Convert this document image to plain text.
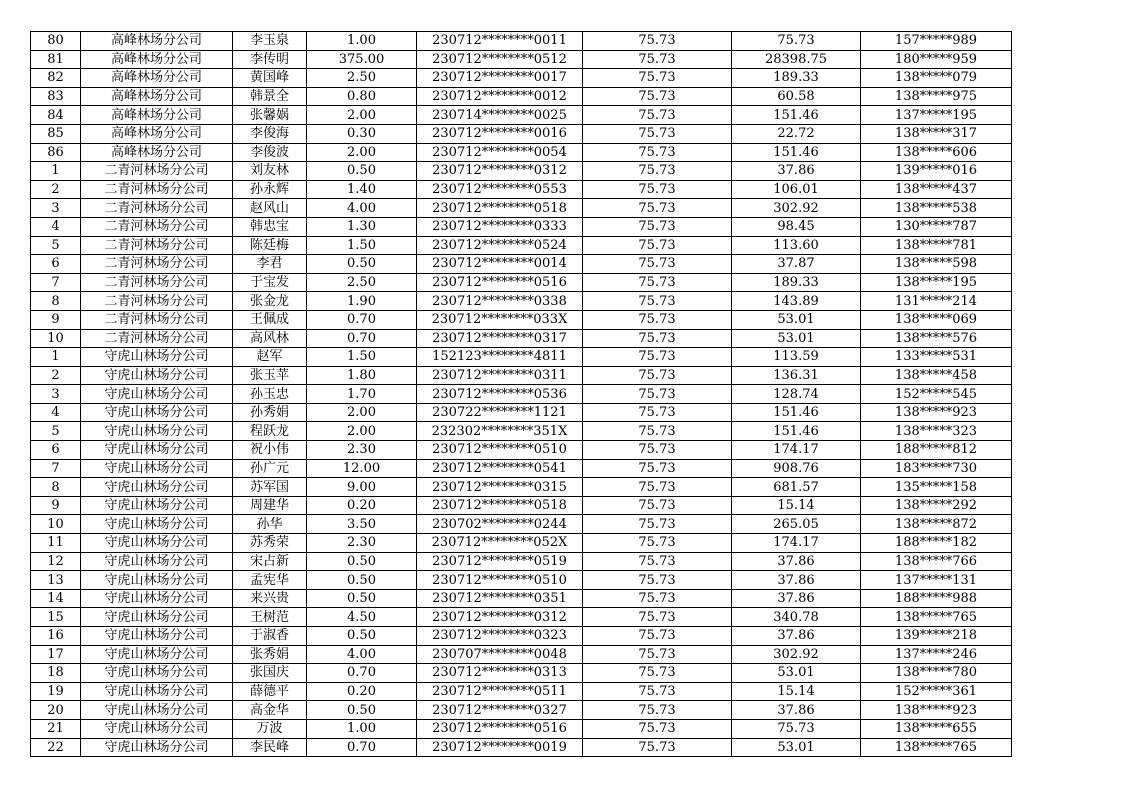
80	高峰林场分公司	李玉泉	1.00	230712********0011	75.73	75.73	157*****989
81	高峰林场分公司	李传明	375.00	230712********0512	75.73	28398.75	180*****959
82	高峰林场分公司	黄国峰	2.50	230712********0017	75.73	189.33	138*****079
83	高峰林场分公司	韩景全	0.80	230712********0012	75.73	60.58	138*****975
84	高峰林场分公司	张馨娲	2.00	230714********0025	75.73	151.46	137*****195
85	高峰林场分公司	李俊海	0.30	230712********0016	75.73	22.72	138*****317
86	高峰林场分公司	李俊波	2.00	230712********0054	75.73	151.46	138*****606
1	二青河林场分公司	刘友林	0.50	230712********0312	75.73	37.86	139*****016
2	二青河林场分公司	孙永辉	1.40	230712********0553	75.73	106.01	138*****437
3	二青河林场分公司	赵风山	4.00	230712********0518	75.73	302.92	138*****538
4	二青河林场分公司	韩忠宝	1.30	230712********0333	75.73	98.45	130*****787
5	二青河林场分公司	陈廷梅	1.50	230712********0524	75.73	113.60	138*****781
6	二青河林场分公司	李君	0.50	230712********0014	75.73	37.87	138*****598
7	二青河林场分公司	于宝发	2.50	230712********0516	75.73	189.33	138*****195
8	二青河林场分公司	张金龙	1.90	230712********0338	75.73	143.89	131*****214
9	二青河林场分公司	王佩成	0.70	230712********033X	75.73	53.01	138*****069
10	二青河林场分公司	高风林	0.70	230712********0317	75.73	53.01	138*****576
1	守虎山林场分公司	赵军	1.50	152123********4811	75.73	113.59	133*****531
2	守虎山林场分公司	张玉苹	1.80	230712********0311	75.73	136.31	138*****458
3	守虎山林场分公司	孙玉忠	1.70	230712********0536	75.73	128.74	152*****545
4	守虎山林场分公司	孙秀娟	2.00	230722********1121	75.73	151.46	138*****923
5	守虎山林场分公司	程跃龙	2.00	232302********351X	75.73	151.46	138*****323
6	守虎山林场分公司	祝小伟	2.30	230712********0510	75.73	174.17	188*****812
7	守虎山林场分公司	孙广元	12.00	230712********0541	75.73	908.76	183*****730
8	守虎山林场分公司	苏军国	9.00	230712********0315	75.73	681.57	135*****158
9	守虎山林场分公司	周建华	0.20	230712********0518	75.73	15.14	138*****292
10	守虎山林场分公司	孙华	3.50	230702********0244	75.73	265.05	138*****872
11	守虎山林场分公司	苏秀荣	2.30	230712********052X	75.73	174.17	188*****182
12	守虎山林场分公司	宋占新	0.50	230712********0519	75.73	37.86	138*****766
13	守虎山林场分公司	孟宪华	0.50	230712********0510	75.73	37.86	137*****131
14	守虎山林场分公司	来兴贵	0.50	230712********0351	75.73	37.86	188*****988
15	守虎山林场分公司	王树范	4.50	230712********0312	75.73	340.78	138*****765
16	守虎山林场分公司	于淑香	0.50	230712********0323	75.73	37.86	139*****218
17	守虎山林场分公司	张秀娟	4.00	230707********0048	75.73	302.92	137*****246
18	守虎山林场分公司	张国庆	0.70	230712********0313	75.73	53.01	138*****780
19	守虎山林场分公司	薛德平	0.20	230712********0511	75.73	15.14	152*****361
20	守虎山林场分公司	高金华	0.50	230712********0327	75.73	37.86	138*****923
21	守虎山林场分公司	万波	1.00	230712********0516	75.73	75.73	138*****655
22	守虎山林场分公司	李民峰	0.70	230712********0019	75.73	53.01	138*****765
